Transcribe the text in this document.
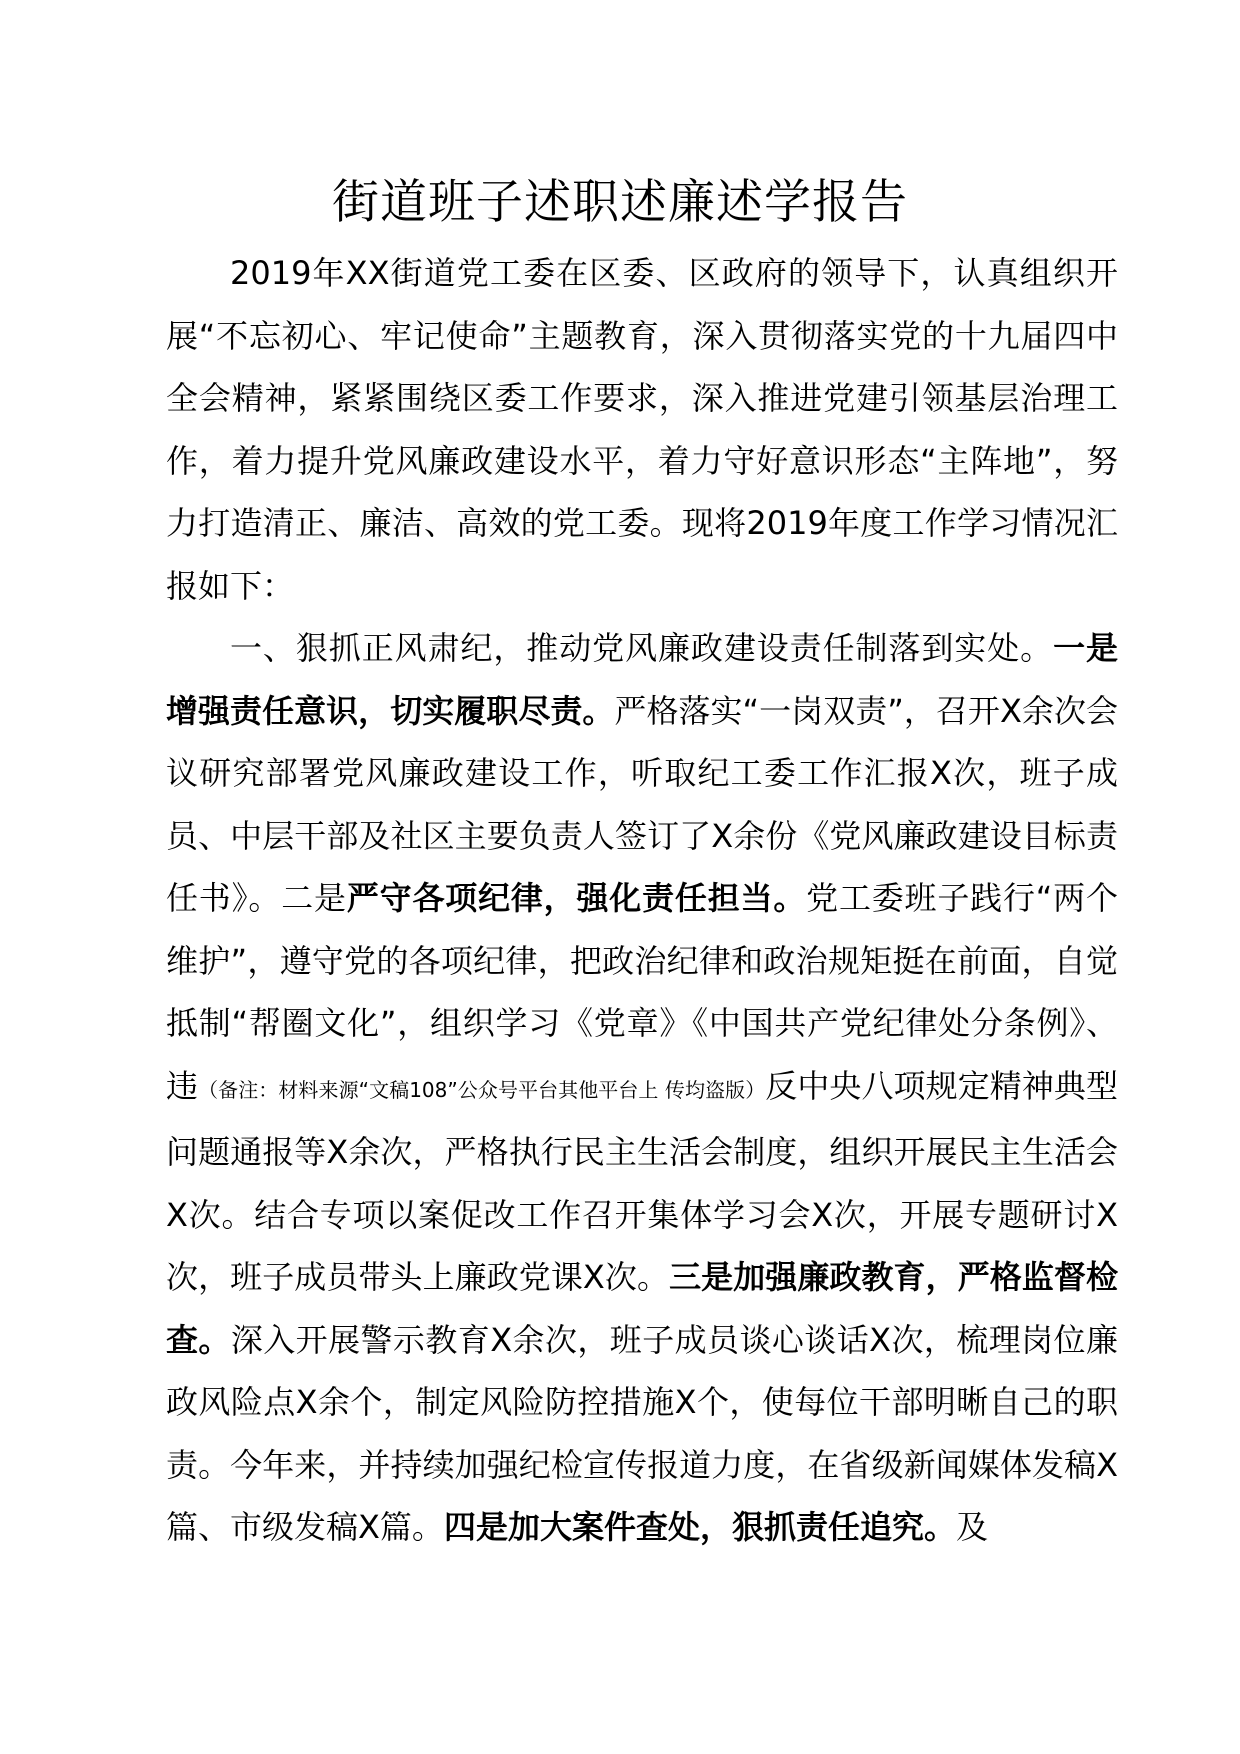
街道班子述职述廉述学报告

2019年XX街道党工委在区委、区政府的领导下，认真组织开展“不忘初心、牢记使命”主题教育，深入贯彻落实党的十九届四中全会精神，紧紧围绕区委工作要求，深入推进党建引领基层治理工作，着力提升党风廉政建设水平，着力守好意识形态“主阵地”，努力打造清正、廉洁、高效的党工委。现将2019年度工作学习情况汇报如下：

一、狠抓正风肃纪，推动党风廉政建设责任制落到实处。一是增强责任意识，切实履职尽责。严格落实“一岗双责”，召开X余次会议研究部署党风廉政建设工作，听取纪工委工作汇报X次，班子成员、中层干部及社区主要负责人签订了X余份《党风廉政建设目标责任书》。二是严守各项纪律，强化责任担当。党工委班子践行“两个维护”，遵守党的各项纪律，把政治纪律和政治规矩挺在前面，自觉抵制“帮圈文化”，组织学习《党章》《中国共产党纪律处分条例》、违（备注：材料来源“文稿108”公众号平台其他平台上 传均盗版）反中央八项规定精神典型问题通报等X余次，严格执行民主生活会制度，组织开展民主生活会X次。结合专项以案促改工作召开集体学习会X次，开展专题研讨X次，班子成员带头上廉政党课X次。三是加强廉政教育，严格监督检查。深入开展警示教育X余次，班子成员谈心谈话X次，梳理岗位廉政风险点X余个，制定风险防控措施X个，使每位干部明晰自己的职责。今年来，并持续加强纪检宣传报道力度，在省级新闻媒体发稿X篇、市级发稿X篇。四是加大案件查处，狠抓责任追究。及
